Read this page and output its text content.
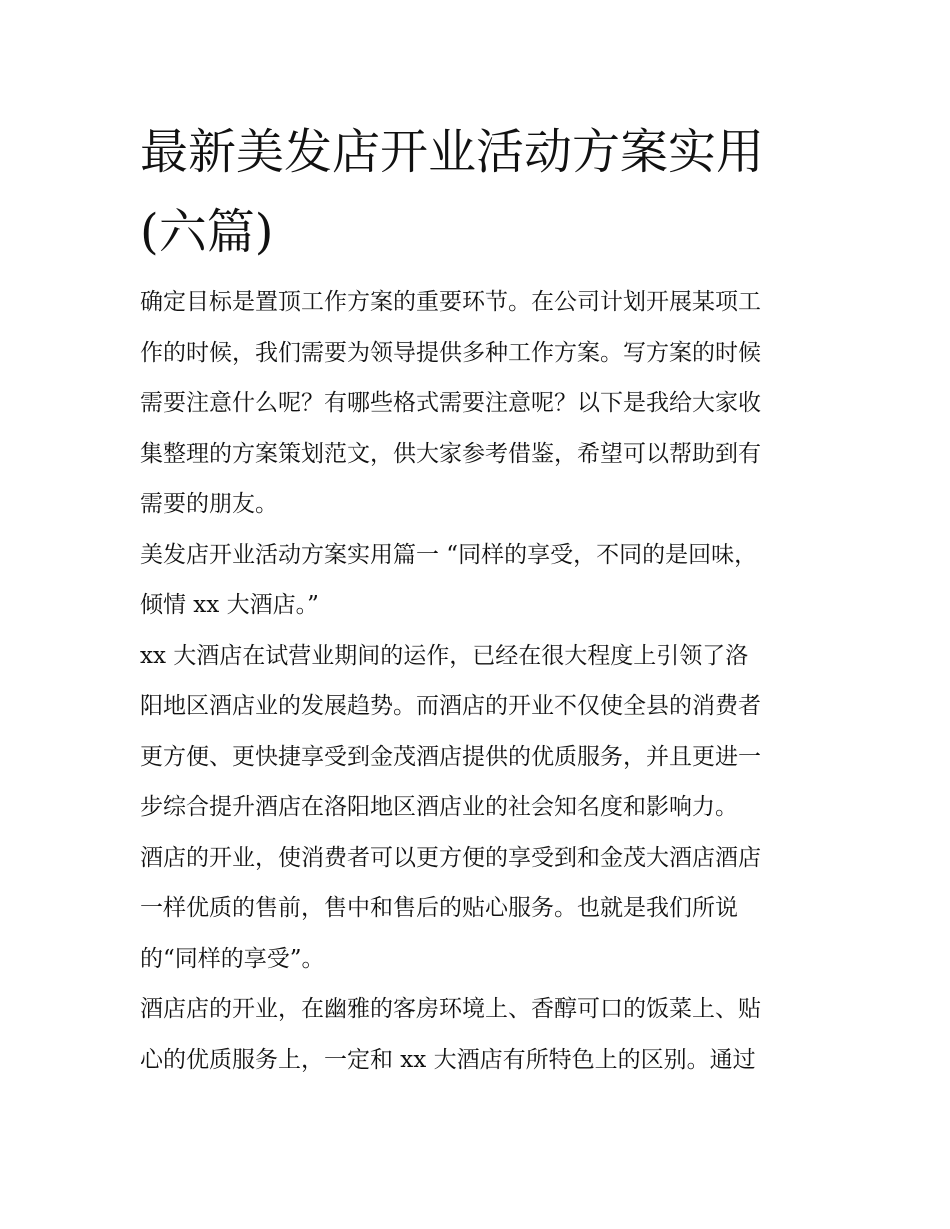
最新美发店开业活动方案实用
(六篇)

确定目标是置顶工作方案的重要环节。在公司计划开展某项工
作的时候，我们需要为领导提供多种工作方案。写方案的时候
需要注意什么呢？有哪些格式需要注意呢？以下是我给大家收
集整理的方案策划范文，供大家参考借鉴，希望可以帮助到有
需要的朋友。

美发店开业活动方案实用篇一 “同样的享受，不同的是回味，
倾情 xx 大酒店。”

xx 大酒店在试营业期间的运作，已经在很大程度上引领了洛
阳地区酒店业的发展趋势。而酒店的开业不仅使全县的消费者
更方便、更快捷享受到金茂酒店提供的优质服务，并且更进一
步综合提升酒店在洛阳地区酒店业的社会知名度和影响力。

酒店的开业，使消费者可以更方便的享受到和金茂大酒店酒店
一样优质的售前，售中和售后的贴心服务。也就是我们所说
的“同样的享受”。

酒店店的开业，在幽雅的客房环境上、香醇可口的饭菜上、贴
心的优质服务上，一定和 xx 大酒店有所特色上的区别。通过
